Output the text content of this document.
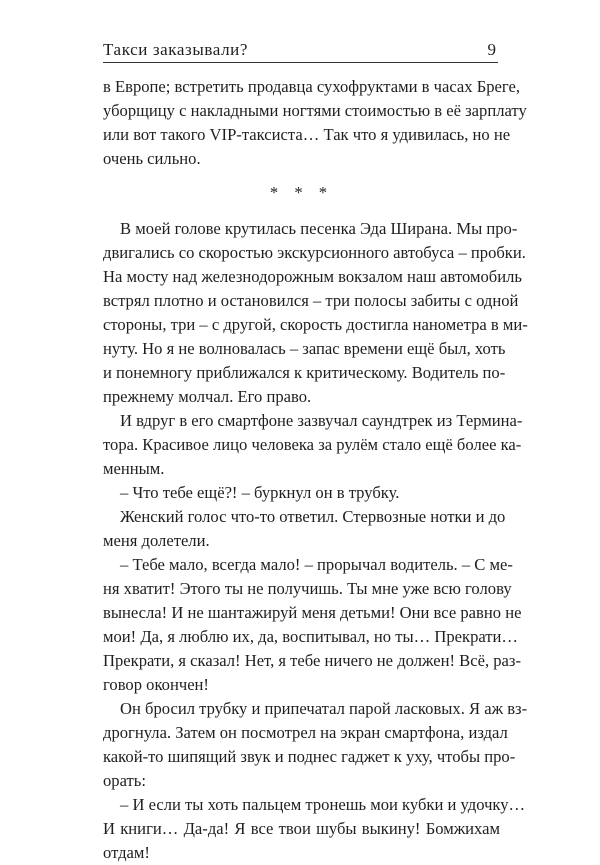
Такси заказывали?	9
в Европе; встретить продавца сухофруктами в часах Бреге,
уборщицу с накладными ногтями стоимостью в её зарплату
или вот такого VIP-таксиста… Так что я удивилась, но не
очень сильно.
* * *
В моей голове крутилась песенка Эда Ширана. Мы про-
двигались со скоростью экскурсионного автобуса – пробки.
На мосту над железнодорожным вокзалом наш автомобиль
встрял плотно и остановился – три полосы забиты с одной
стороны, три – с другой, скорость достигла нанометра в ми-
нуту. Но я не волновалась – запас времени ещё был, хоть
и понемногу приближался к критическому. Водитель по-
прежнему молчал. Его право.
И вдруг в его смартфоне зазвучал саундтрек из Термина-
тора. Красивое лицо человека за рулём стало ещё более ка-
менным.
– Что тебе ещё?! – буркнул он в трубку.
Женский голос что-то ответил. Стервозные нотки и до
меня долетели.
– Тебе мало, всегда мало! – прорычал водитель. – С ме-
ня хватит! Этого ты не получишь. Ты мне уже всю голову
вынесла! И не шантажируй меня детьми! Они все равно не
мои! Да, я люблю их, да, воспитывал, но ты… Прекрати…
Прекрати, я сказал! Нет, я тебе ничего не должен! Всё, раз-
говор окончен!
Он бросил трубку и припечатал парой ласковых. Я аж вз-
дрогнула. Затем он посмотрел на экран смартфона, издал
какой-то шипящий звук и поднес гаджет к уху, чтобы про-
орать:
– И если ты хоть пальцем тронешь мои кубки и удочку…
И книги… Да-да! Я все твои шубы выкину! Бомжихам
отдам!
